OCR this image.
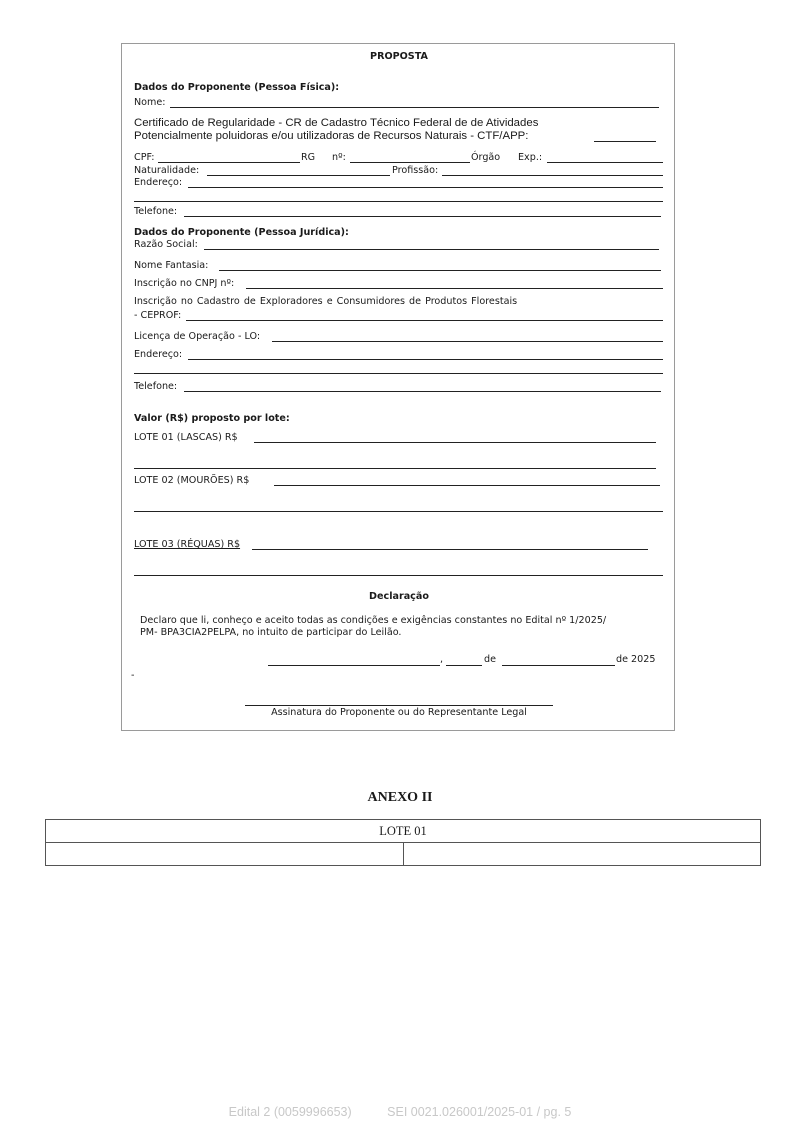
PROPOSTA
Dados do Proponente (Pessoa Física):
Nome:
Certificado de Regularidade - CR de Cadastro Técnico Federal de de Atividades
Potencialmente poluidoras e/ou utilizadoras de Recursos Naturais - CTF/APP:
CPF:	RG nº:	Órgão Exp.:
Naturalidade:	Profissão:
Endereço:
Telefone:
Dados do Proponente (Pessoa Jurídica):
Razão Social:
Nome Fantasia:
Inscrição no CNPJ nº:
Inscrição no Cadastro de Exploradores e Consumidores de Produtos Florestais
- CEPROF:
Licença de Operação - LO:
Endereço:
Telefone:
Valor (R$) proposto por lote:
LOTE 01 (LASCAS) R$
LOTE 02 (MOURÕES) R$
LOTE 03 (RÉQUAS) R$
Declaração
Declaro que li, conheço e aceito todas as condições e exigências constantes no Edital nº 1/2025/
PM- BPA3CIA2PELPA, no intuito de participar do Leilão.
,	de	de 2025
-
Assinatura do Proponente ou do Representante Legal
ANEXO II
LOTE 01

Edital 2 (0059996653)	SEI 0021.026001/2025-01 / pg. 5
